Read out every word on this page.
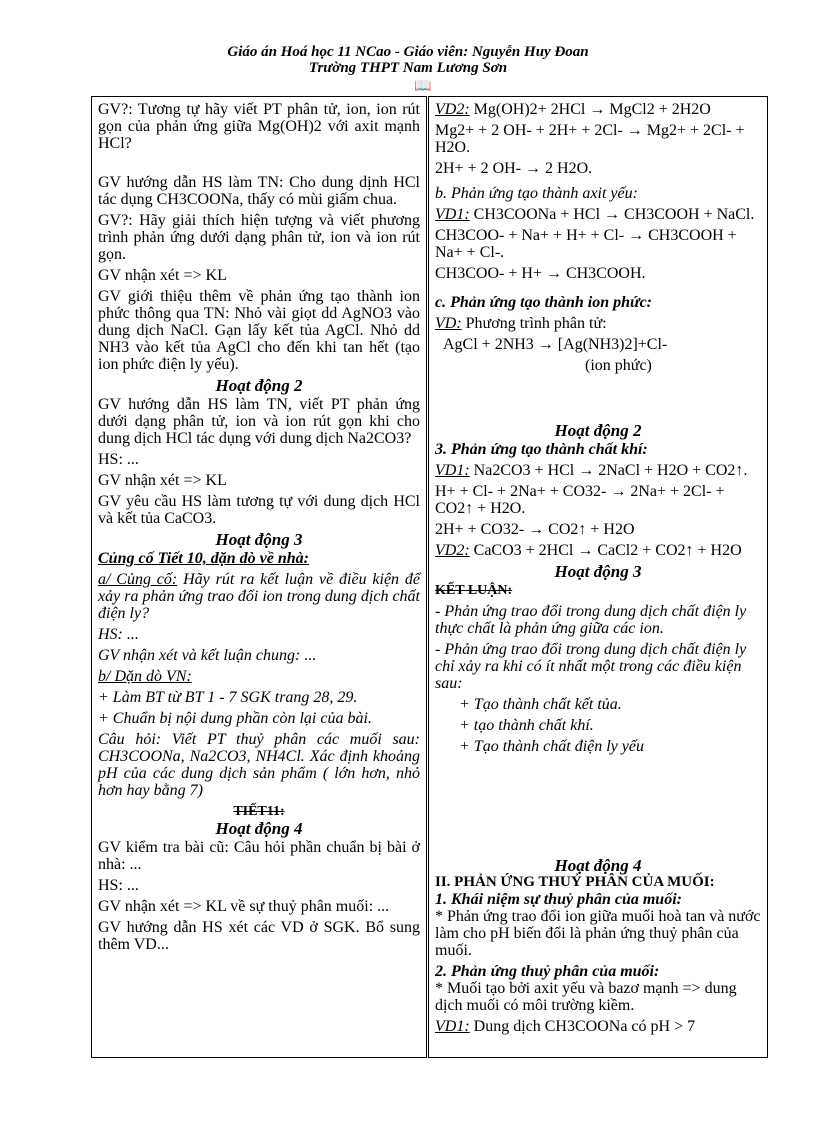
Giáo án Hoá học 11 NCao - Giáo viên: Nguyễn Huy Đoan
Trường THPT Nam Lương Sơn
📖
GV?: Tương tự hãy viết PT phân tử, ion, ion rút gọn của phản ứng giữa Mg(OH)2 với axit mạnh HCl?
GV hướng dẫn HS làm TN: Cho dung dịnh HCl tác dụng CH3COONa, thấy có mùi giấm chua.
GV?: Hãy giải thích hiện tượng và viết phương trình phản ứng dưới dạng phân tử, ion và ion rút gọn.
GV nhận xét => KL
GV giới thiệu thêm về phản ứng tạo thành ion phức thông qua TN: Nhỏ vài giọt dd AgNO3 vào dung dịch NaCl. Gạn lấy kết tủa AgCl. Nhỏ dd NH3 vào kết tủa AgCl cho đến khi tan hết (tạo ion phức điện ly yếu).
Hoạt động 2
GV hướng dẫn HS làm TN, viết PT phản ứng dưới dạng phân tử, ion và ion rút gọn khi cho dung dịch HCl tác dụng với dung dịch Na2CO3?
HS: ...
GV nhận xét => KL
GV yêu cầu HS làm tương tự với dung dịch HCl và kết tủa CaCO3.
Hoạt động 3
Củng cố Tiết 10, dặn dò về nhà:
a/ Củng cố: Hãy rút ra kết luận về điều kiện để xảy ra phản ứng trao đổi ion trong dung dịch chất điện ly?
HS: ...
GV nhận xét và kết luận chung: ...
b/ Dặn dò VN:
+ Làm BT từ BT 1 - 7 SGK trang 28, 29.
+ Chuẩn bị nội dung phần còn lại của bài.
Câu hỏi: Viết PT thuỷ phân các muối sau: CH3COONa, Na2CO3, NH4Cl. Xác định khoảng pH của các dung dịch sản phẩm ( lớn hơn, nhỏ hơn hay bằng 7)
TIẾT11:
Hoạt động 4
GV kiểm tra bài cũ: Câu hỏi phần chuẩn bị bài ở nhà: ...
HS: ...
GV nhận xét => KL về sự thuỷ phân muối: ...
GV hướng dẫn HS xét các VD ở SGK. Bổ sung thêm VD...

VD2: Mg(OH)2+ 2HCl → MgCl2 + 2H2O
Mg2+ + 2 OH- + 2H+ + 2Cl- → Mg2+ + 2Cl- + H2O.
2H+ + 2 OH- → 2 H2O.
b. Phản ứng tạo thành axit yếu:
VD1: CH3COONa + HCl → CH3COOH + NaCl.
CH3COO- + Na+ + H+ + Cl- → CH3COOH + Na+ + Cl-.
CH3COO- + H+ → CH3COOH.
c. Phản ứng tạo thành ion phức:
VD: Phương trình phân tử:
AgCl + 2NH3 → [Ag(NH3)2]+Cl-
(ion phức)
Hoạt động 2
3. Phản ứng tạo thành chất khí:
VD1: Na2CO3 + HCl → 2NaCl + H2O + CO2↑.
H+ + Cl- + 2Na+ + CO32- → 2Na+ + 2Cl- + CO2↑ + H2O.
2H+ + CO32- → CO2↑ + H2O
VD2: CaCO3 + 2HCl → CaCl2 + CO2↑ + H2O
Hoạt động 3
KẾT LUẬN:
- Phản ứng trao đổi trong dung dịch chất điện ly thực chất là phản ứng giữa các ion.
- Phản ứng trao đổi trong dung dịch chất điện ly chỉ xảy ra khi có ít nhất một trong các điều kiện sau:
+ Tạo thành chất kết tủa.
+ tạo thành chất khí.
+ Tạo thành chất điện ly yếu
Hoạt động 4
II. PHẢN ỨNG THUỶ PHÂN CỦA MUỐI:
1. Khái niệm sự thuỷ phân của muối:
* Phản ứng trao đổi ion giữa muối hoà tan và nước làm cho pH biến đổi là phản ứng thuỷ phân của muối.
2. Phản ứng thuỷ phân của muối:
* Muối tạo bởi axit yếu và bazơ mạnh => dung dịch muối có môi trường kiềm.
VD1: Dung dịch CH3COONa có pH > 7
